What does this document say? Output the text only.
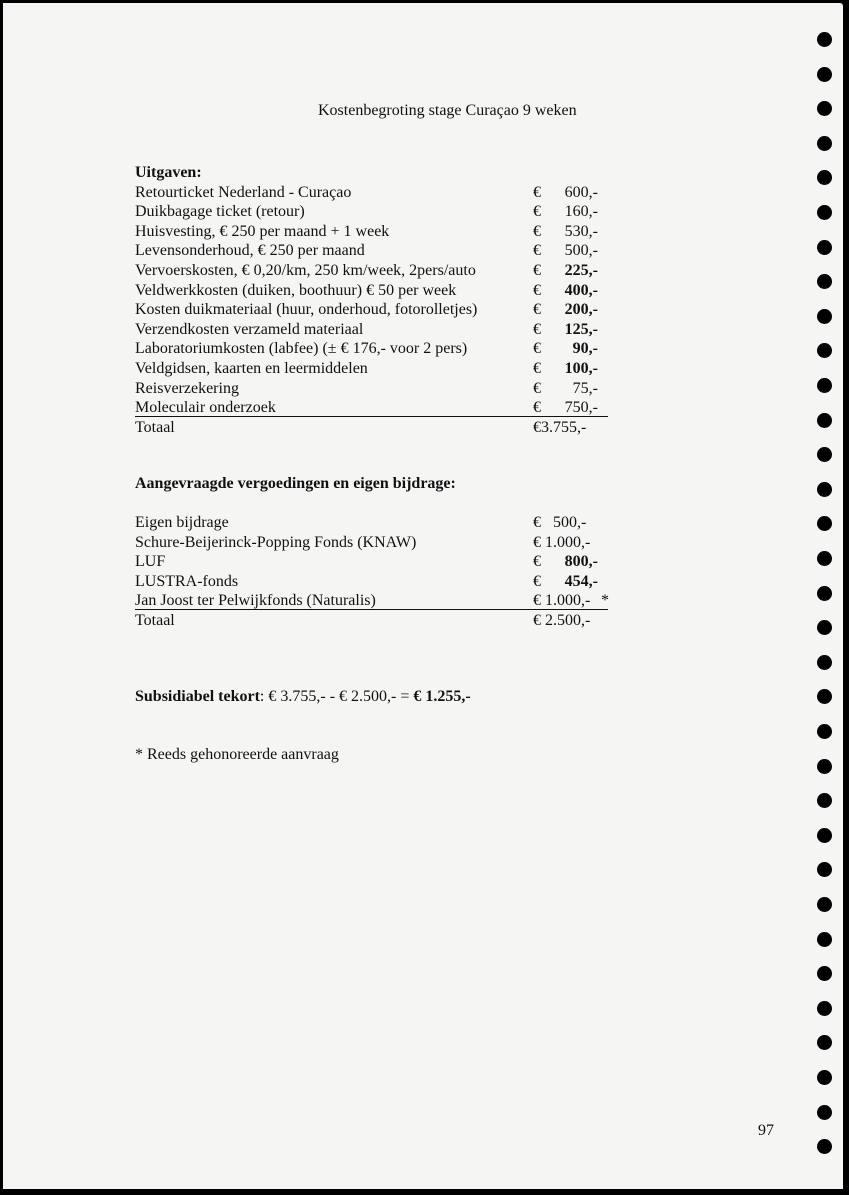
Kostenbegroting stage Curaçao 9 weken
Uitgaven:
Retourticket Nederland - Curaçao	€	600,-
Duikbagage ticket (retour)	€	160,-
Huisvesting, € 250 per maand + 1 week	€	530,-
Levensonderhoud, € 250 per maand	€	500,-
Vervoerskosten, € 0,20/km, 250 km/week, 2pers/auto	€	225,-
Veldwerkkosten (duiken, boothuur) € 50 per week	€	400,-
Kosten duikmateriaal (huur, onderhoud, fotorolletjes)	€	200,-
Verzendkosten verzameld materiaal	€	125,-
Laboratoriumkosten (labfee) (± € 176,- voor 2 pers)	€	90,-
Veldgidsen, kaarten en leermiddelen	€	100,-
Reisverzekering	€	75,-
Moleculair onderzoek	€	750,-
Totaal	€3.755,-
Aangevraagde vergoedingen en eigen bijdrage:
Eigen bijdrage	€   500,-
Schure-Beijerinck-Popping Fonds (KNAW)	€ 1.000,-
LUF	€	800,-
LUSTRA-fonds	€	454,-
Jan Joost ter Pelwijkfonds (Naturalis)	€ 1.000,- *
Totaal	€ 2.500,-
Subsidiabel tekort: € 3.755,- - € 2.500,- = € 1.255,-
* Reeds gehonoreerde aanvraag
97
